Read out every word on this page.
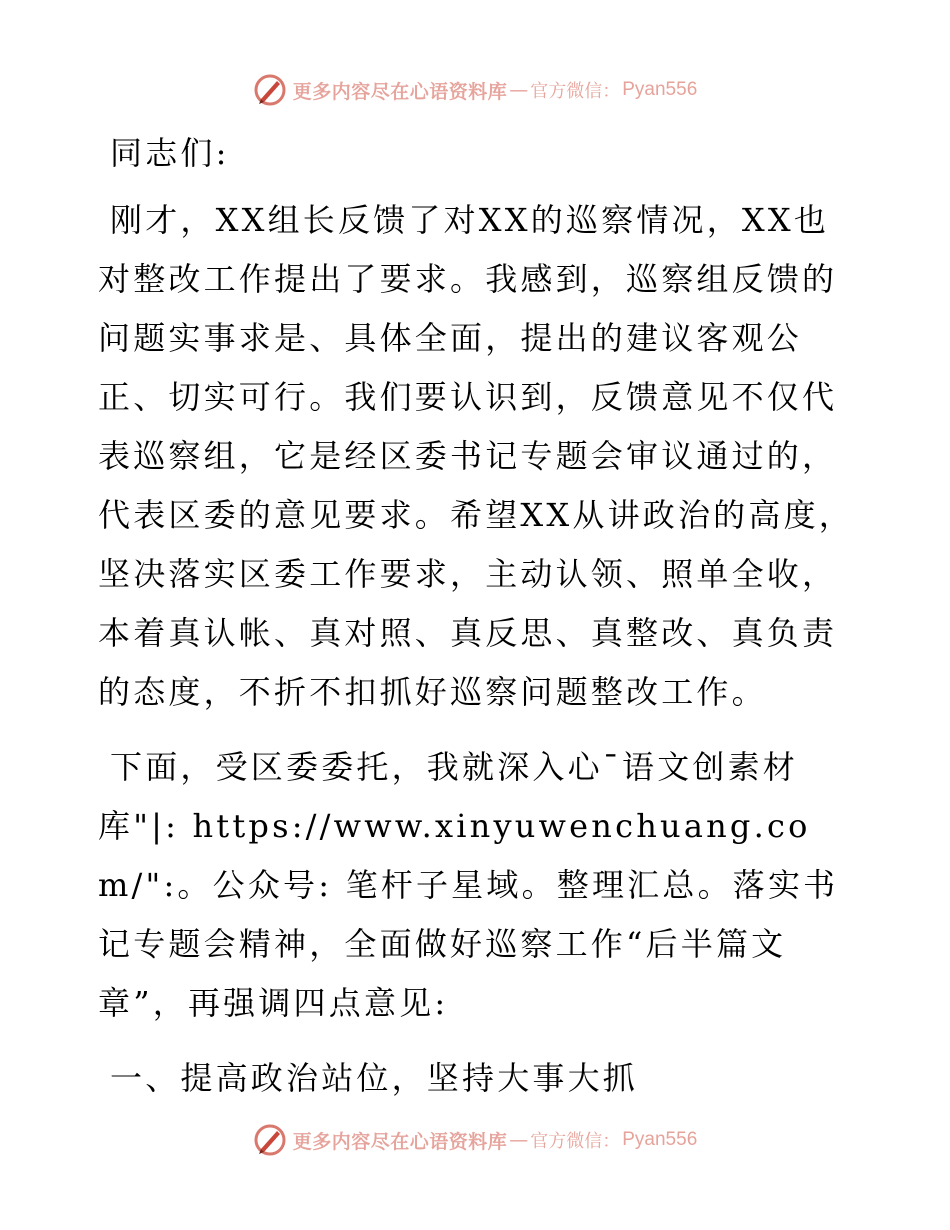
更多内容尽在心语资料库 — 官方微信： Pyan556

同志们:

刚才，XX组长反馈了对XX的巡察情况，XX也对整改工作提出了要求。我感到，巡察组反馈的问题实事求是、具体全面，提出的建议客观公正、切实可行。我们要认识到，反馈意见不仅代表巡察组，它是经区委书记专题会审议通过的，代表区委的意见要求。希望XX从讲政治的高度，坚决落实区委工作要求，主动认领、照单全收，本着真认帐、真对照、真反思、真整改、真负责的态度，不折不扣抓好巡察问题整改工作。

下面，受区委委托，我就深入心¯语文创素材库"|: https://www.xinyuwenchuang.com/":。公众号: 笔杆子星域。整理汇总。落实书记专题会精神，全面做好巡察工作“后半篇文章”，再强调四点意见:

一、提高政治站位，坚持大事大抓

更多内容尽在心语资料库 — 官方微信： Pyan556
